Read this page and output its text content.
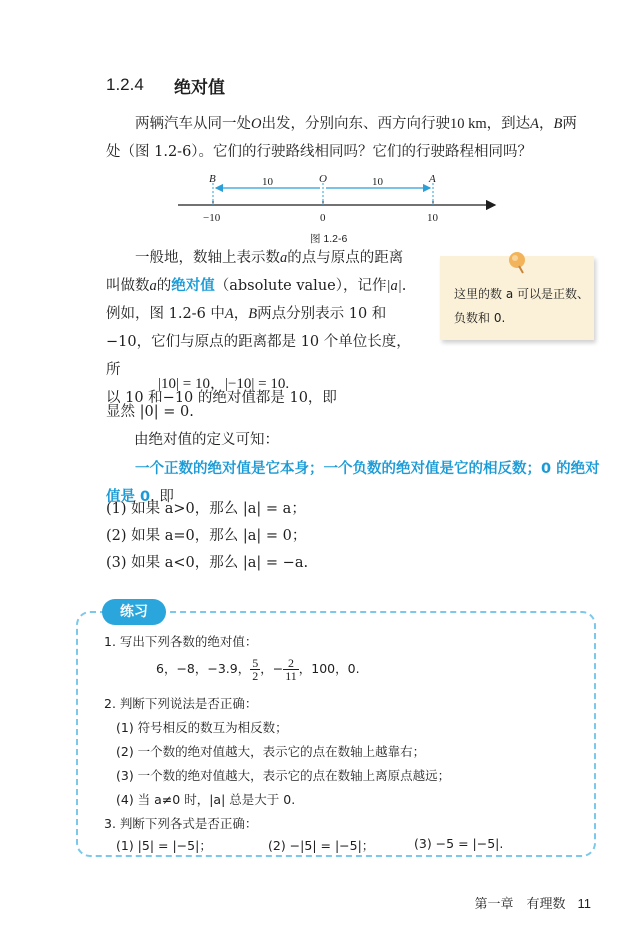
1.2.4 绝对值

两辆汽车从同一处O出发，分别向东、西方向行驶10 km，到达A，B两

处（图 1.2-6）。它们的行驶路线相同吗？它们的行驶路程相同吗？
B	O	A
10	10
−10	0	10
图 1.2-6

一般地，数轴上表示数a的点与原点的距离

叫做数a的绝对值（absolute value），记作|a|.
例如，图 1.2-6 中A，B两点分别表示 10 和
−10，它们与原点的距离都是 10 个单位长度，所
以 10 和−10 的绝对值都是 10，即
这里的数 a 可以是正数、负数和 0.
|10| = 10，|−10| = 10.
显然 |0| = 0.
由绝对值的定义可知：
一个正数的绝对值是它本身；一个负数的绝对值是它的相反数；0 的绝对
值是 0. 即
(1) 如果 a>0，那么 |a| = a；
(2) 如果 a=0，那么 |a| = 0；
(3) 如果 a<0，那么 |a| = −a.
练习
1. 写出下列各数的绝对值：
6，−8，−3.9， $\frac{5}{2}$ ，− $\frac{2}{11}$ ，100，0.
2. 判断下列说法是否正确：
(1) 符号相反的数互为相反数；
(2) 一个数的绝对值越大，表示它的点在数轴上越靠右；
(3) 一个数的绝对值越大，表示它的点在数轴上离原点越远；
(4) 当 a≠0 时，|a| 总是大于 0.
3. 判断下列各式是否正确：
(1) |5| = |−5|；	(2) −|5| = |−5|；	(3) −5 = |−5|.
第一章　有理数 11
